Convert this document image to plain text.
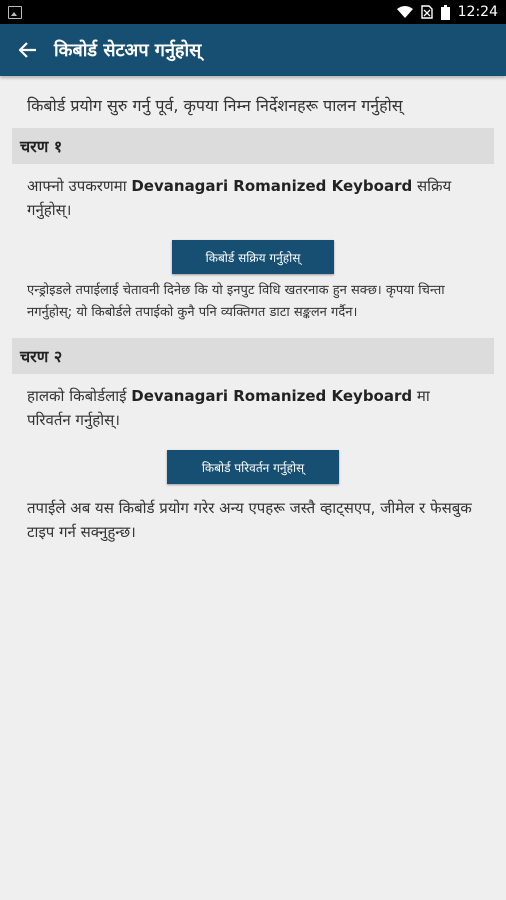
12:24
किबोर्ड सेटअप गर्नुहोस्
किबोर्ड प्रयोग सुरु गर्नु पूर्व, कृपया निम्न निर्देशनहरू पालन गर्नुहोस्
चरण १
आफ्नो उपकरणमा Devanagari Romanized Keyboard सक्रिय गर्नुहोस्।
किबोर्ड सक्रिय गर्नुहोस्
एन्ड्रोइडले तपाईलाई चेतावनी दिनेछ कि यो इनपुट विधि खतरनाक हुन सक्छ। कृपया चिन्ता नगर्नुहोस्; यो किबोर्डले तपाईको कुनै पनि व्यक्तिगत डाटा सङ्कलन गर्दैन।
चरण २
हालको किबोर्डलाई Devanagari Romanized Keyboard मा परिवर्तन गर्नुहोस्।
किबोर्ड परिवर्तन गर्नुहोस्
तपाईले अब यस किबोर्ड प्रयोग गरेर अन्य एपहरू जस्तै व्हाट्सएप, जीमेल र फेसबुक टाइप गर्न सक्नुहुन्छ।
